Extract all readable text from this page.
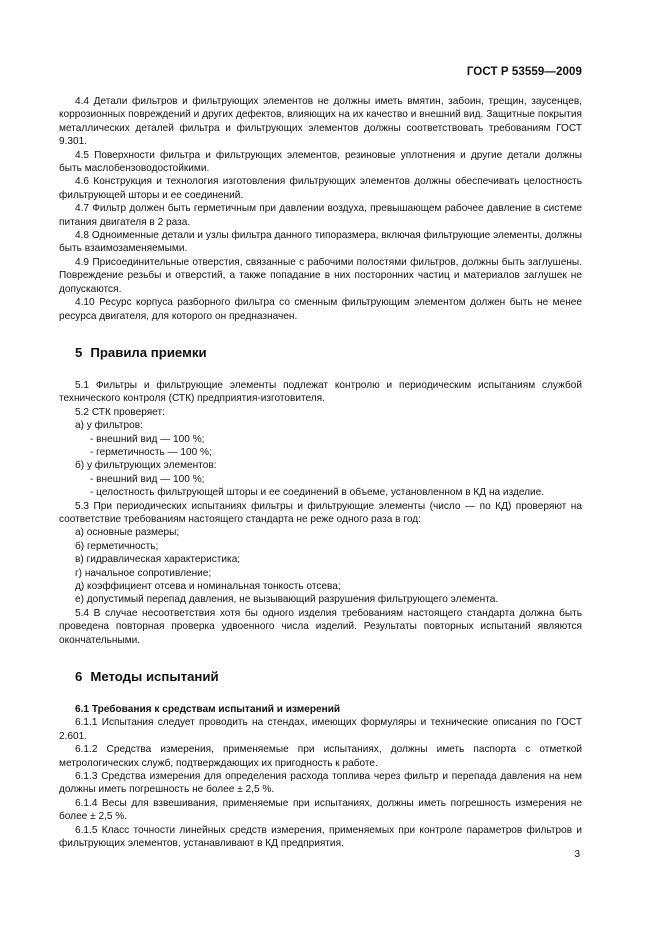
ГОСТ Р 53559—2009

4.4 Детали фильтров и фильтрующих элементов не должны иметь вмятин, забоин, трещин, заусенцев, коррозионных повреждений и других дефектов, влияющих на их качество и внешний вид. Защитные покрытия металлических деталей фильтра и фильтрующих элементов должны соответствовать требованиям ГОСТ 9.301.

4.5 Поверхности фильтра и фильтрующих элементов, резиновые уплотнения и другие детали должны быть маслобензоводостойкими.

4.6 Конструкция и технология изготовления фильтрующих элементов должны обеспечивать целостность фильтрующей шторы и ее соединений.

4.7 Фильтр должен быть герметичным при давлении воздуха, превышающем рабочее давление в системе питания двигателя в 2 раза.

4.8 Одноименные детали и узлы фильтра данного типоразмера, включая фильтрующие элементы, должны быть взаимозаменяемыми.

4.9 Присоединительные отверстия, связанные с рабочими полостями фильтров, должны быть заглушены. Повреждение резьбы и отверстий, а также попадание в них посторонних частиц и материалов заглушек не допускаются.

4.10 Ресурс корпуса разборного фильтра со сменным фильтрующим элементом должен быть не менее ресурса двигателя, для которого он предназначен.

5 Правила приемки

5.1 Фильтры и фильтрующие элементы подлежат контролю и периодическим испытаниям службой технического контроля (СТК) предприятия-изготовителя.

5.2 СТК проверяет:

а) у фильтров:

- внешний вид — 100 %;

- герметичность — 100 %;

б) у фильтрующих элементов:

- внешний вид — 100 %;

- целостность фильтрующей шторы и ее соединений в объеме, установленном в КД на изделие.

5.3 При периодических испытаниях фильтры и фильтрующие элементы (число — по КД) проверяют на соответствие требованиям настоящего стандарта не реже одного раза в год:

а) основные размеры;

б) герметичность;

в) гидравлическая характеристика;

г) начальное сопротивление;

д) коэффициент отсева и номинальная тонкость отсева;

е) допустимый перепад давления, не вызывающий разрушения фильтрующего элемента.

5.4 В случае несоответствия хотя бы одного изделия требованиям настоящего стандарта должна быть проведена повторная проверка удвоенного числа изделий. Результаты повторных испытаний являются окончательными.

6 Методы испытаний
6.1 Требования к средствам испытаний и измерений

6.1.1 Испытания следует проводить на стендах, имеющих формуляры и технические описания по ГОСТ 2.601.

6.1.2 Средства измерения, применяемые при испытаниях, должны иметь паспорта с отметкой метрологических служб, подтверждающих их пригодность к работе.

6.1.3 Средства измерения для определения расхода топлива через фильтр и перепада давления на нем должны иметь погрешность не более ± 2,5 %.

6.1.4 Весы для взвешивания, применяемые при испытаниях, должны иметь погрешность измерения не более ± 2,5 %.

6.1.5 Класс точности линейных средств измерения, применяемых при контроле параметров фильтров и фильтрующих элементов, устанавливают в КД предприятия.

3
